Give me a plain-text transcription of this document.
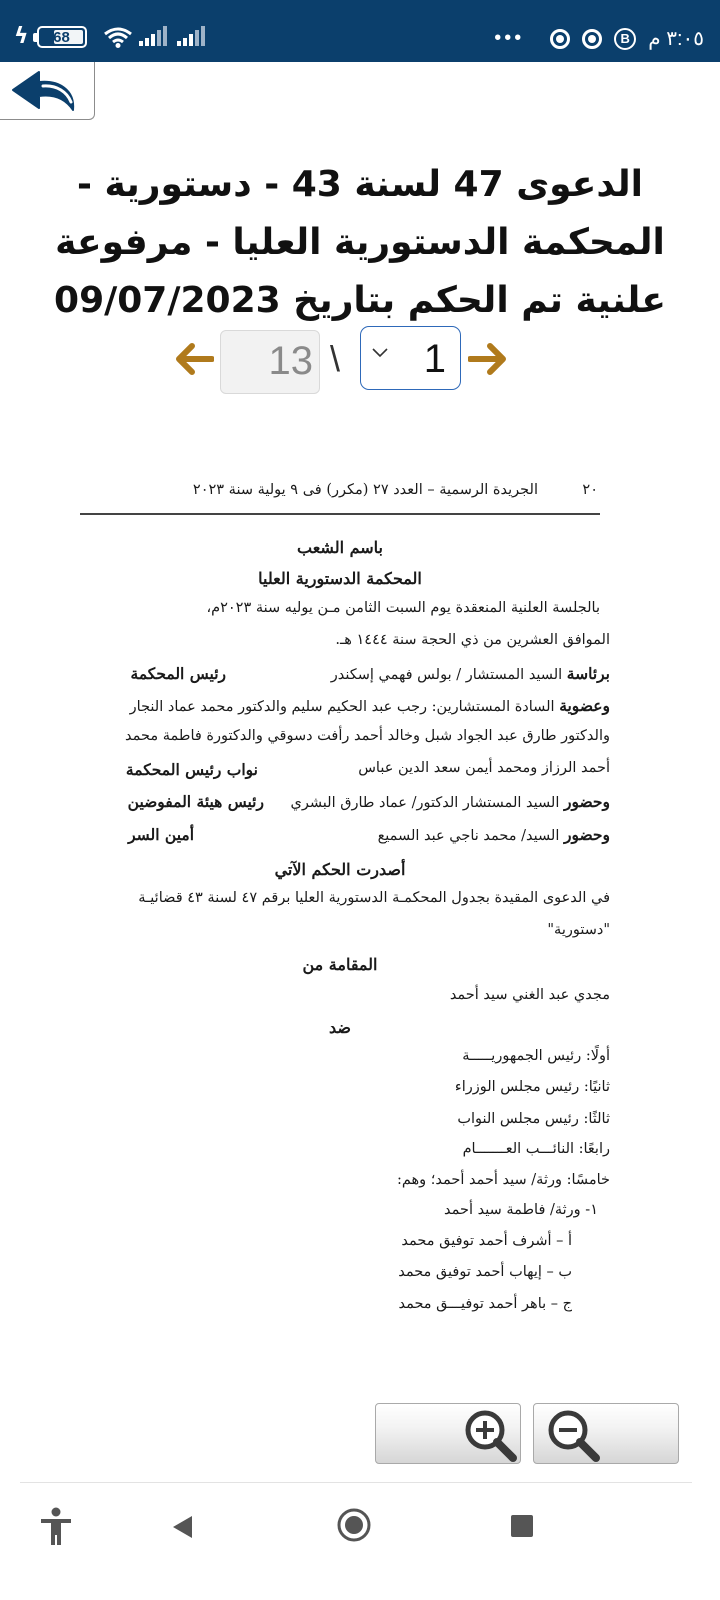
ϟ 68	•••	B ٣:٠٥ م
الدعوى 47 لسنة 43 - دستورية - المحكمة الدستورية العليا - مرفوعة علنية تم الحكم بتاريخ 09/07/2023
13 \ 1
٢٠
الجريدة الرسمية – العدد ٢٧ (مكرر) فى ٩ يولية سنة ٢٠٢٣
باسم الشعب
المحكمة الدستورية العليا
بالجلسة العلنية المنعقدة يوم السبت الثامن مـن يوليه سنة ٢٠٢٣م،
الموافق العشرين من ذي الحجة سنة ١٤٤٤ هـ.
برئاسة السيد المستشار / بولس فهمي إسكندر
رئيس المحكمة
وعضوية السادة المستشارين: رجب عبد الحكيم سليم والدكتور محمد عماد النجار
والدكتور طارق عبد الجواد شبل وخالد أحمد رأفت دسوقي والدكتورة فاطمة محمد
أحمد الرزاز ومحمد أيمن سعد الدين عباس
نواب رئيس المحكمة
وحضور السيد المستشار الدكتور/ عماد طارق البشري
رئيس هيئة المفوضين
وحضور السيد/ محمد ناجي عبد السميع
أمين السر
أصدرت الحكم الآتي
في الدعوى المقيدة بجدول المحكمـة الدستورية العليا برقم ٤٧ لسنة ٤٣ قضائيـة
"دستورية"
المقامة من
مجدي عبد الغني سيد أحمد
ضد
أولًا: رئيس الجمهوريـــــة
ثانيًا: رئيس مجلس الوزراء
ثالثًا: رئيس مجلس النواب
رابعًا: النائـــب العـــــــام
خامسًا: ورثة/ سيد أحمد أحمد؛ وهم:
١- ورثة/ فاطمة سيد أحمد
أ – أشرف أحمد توفيق محمد
ب – إيهاب أحمد توفيق محمد
ج – باهر أحمد توفيـــق محمد
